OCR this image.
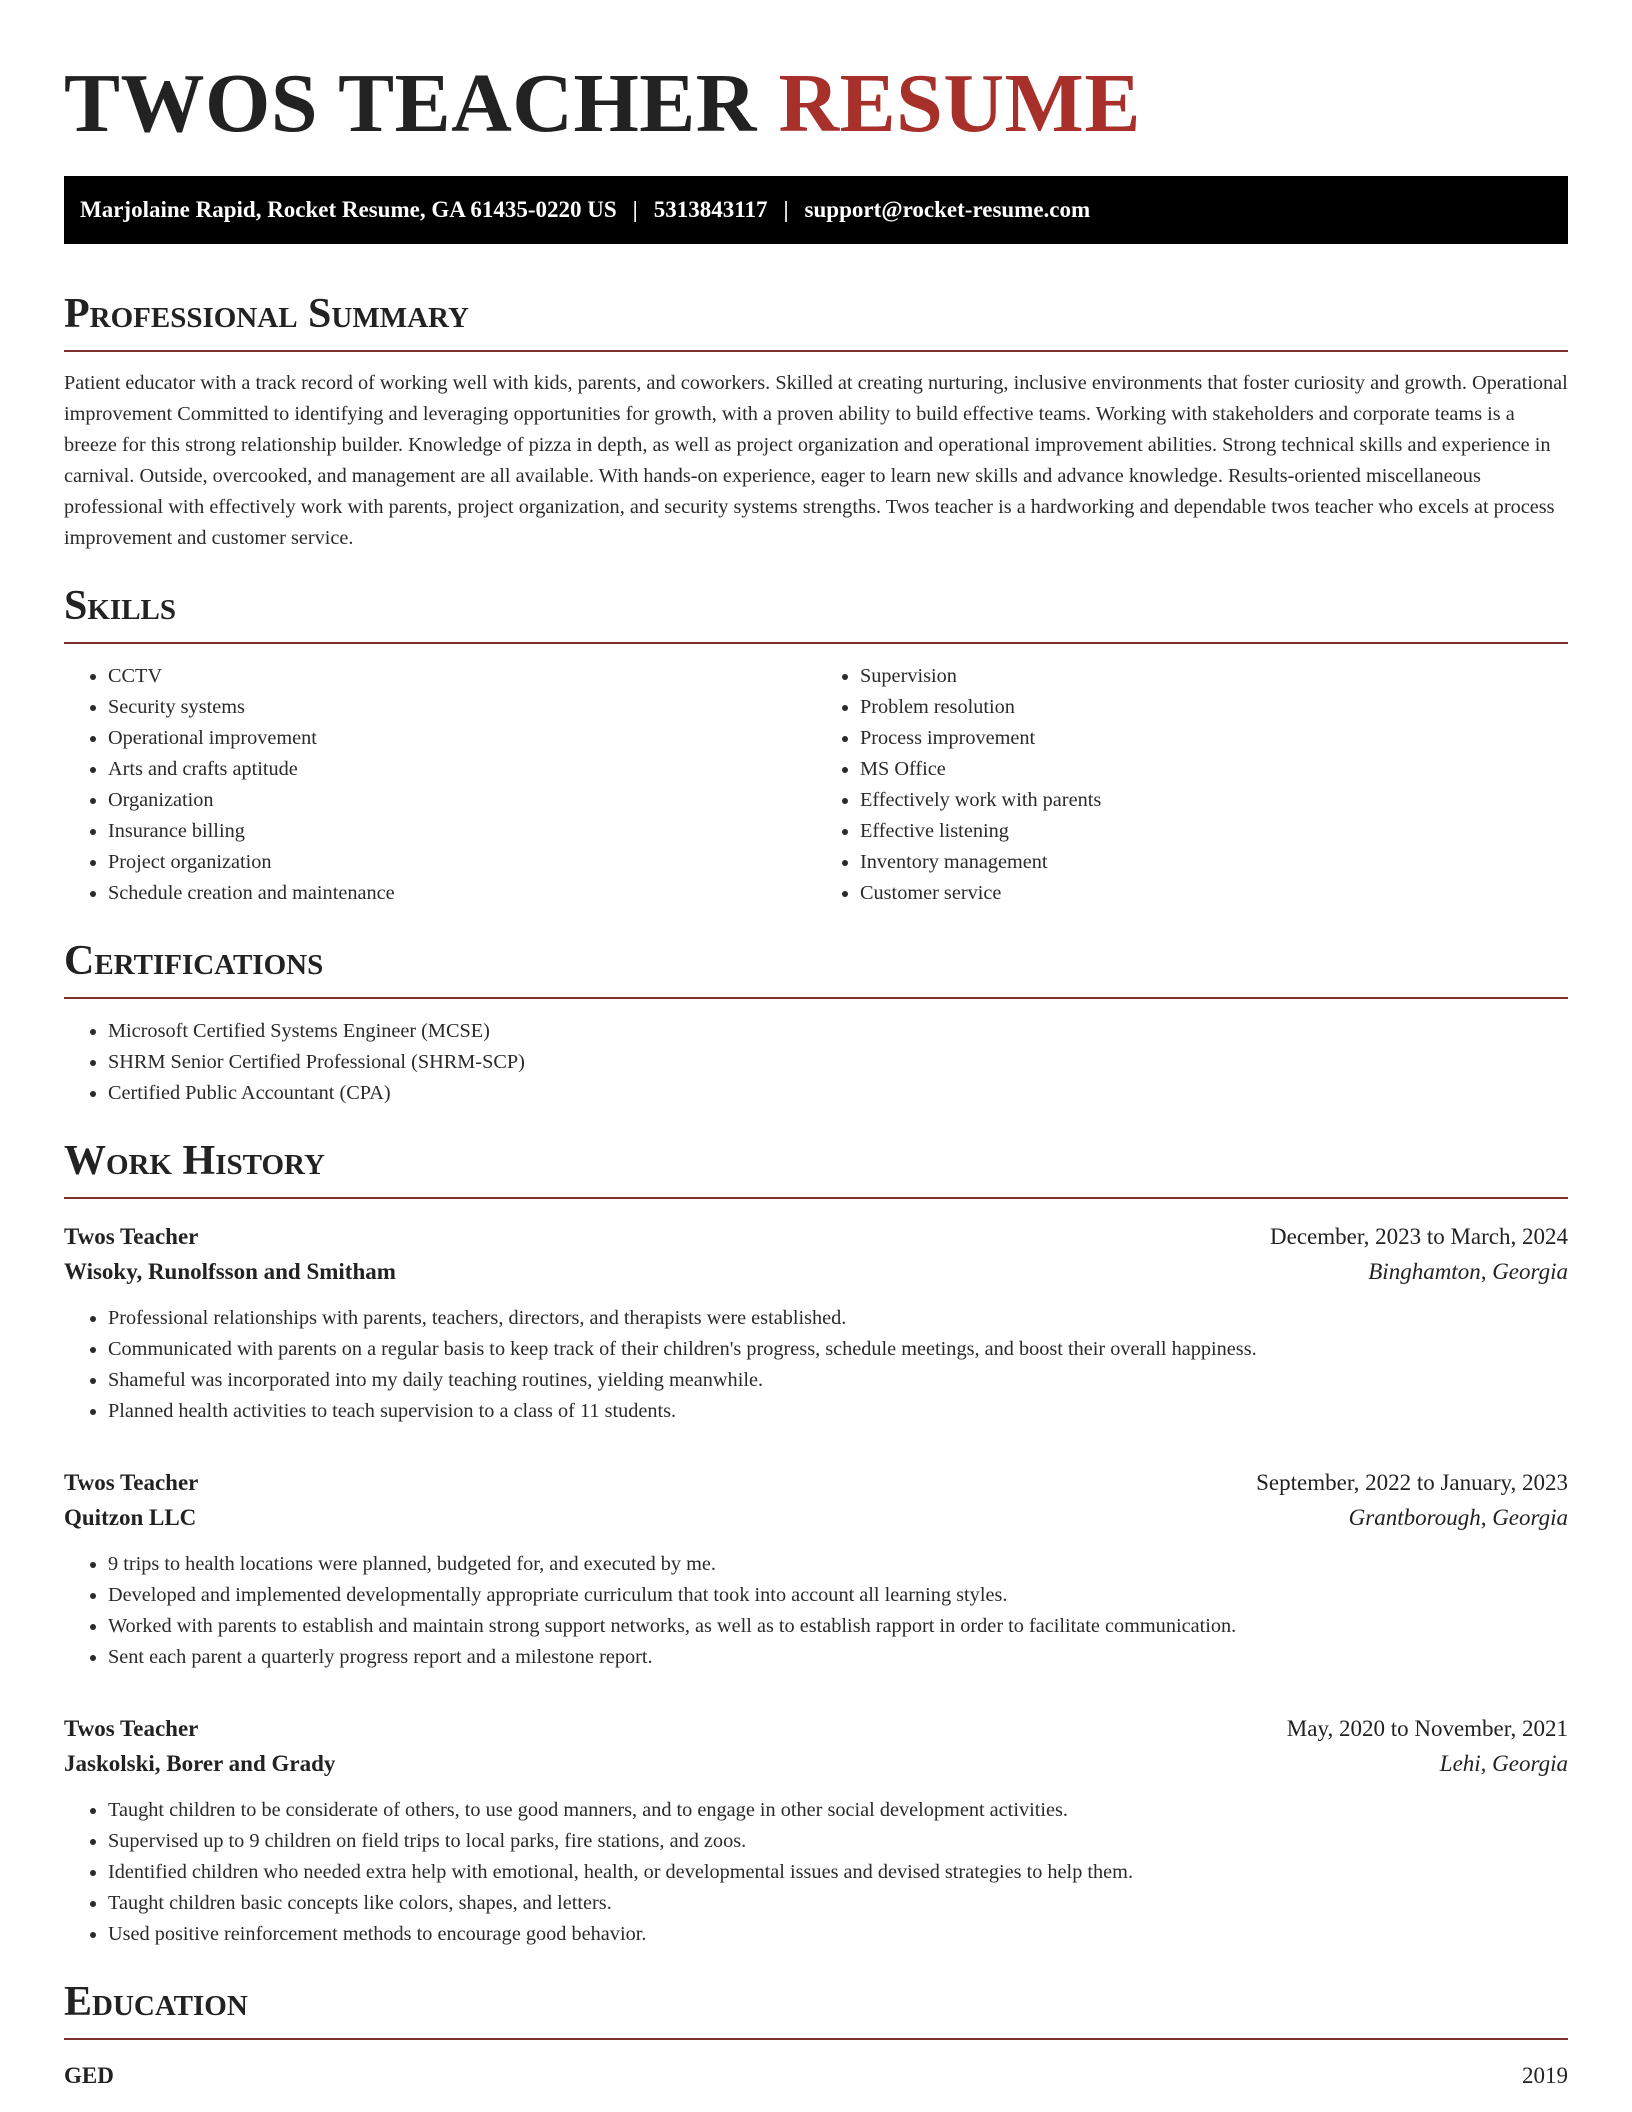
TWOS TEACHER RESUME
Marjolaine Rapid, Rocket Resume, GA 61435-0220 US | 5313843117 | support@rocket-resume.com
Professional Summary

Patient educator with a track record of working well with kids, parents, and coworkers. Skilled at creating nurturing, inclusive environments that foster curiosity and growth. Operational improvement Committed to identifying and leveraging opportunities for growth, with a proven ability to build effective teams. Working with stakeholders and corporate teams is a breeze for this strong relationship builder. Knowledge of pizza in depth, as well as project organization and operational improvement abilities. Strong technical skills and experience in carnival. Outside, overcooked, and management are all available. With hands-on experience, eager to learn new skills and advance knowledge. Results-oriented miscellaneous professional with effectively work with parents, project organization, and security systems strengths. Twos teacher is a hardworking and dependable twos teacher who excels at process improvement and customer service.

Skills
• CCTV
• Security systems
• Operational improvement
• Arts and crafts aptitude
• Organization
• Insurance billing
• Project organization
• Schedule creation and maintenance
• Supervision
• Problem resolution
• Process improvement
• MS Office
• Effectively work with parents
• Effective listening
• Inventory management
• Customer service
Certifications
• Microsoft Certified Systems Engineer (MCSE)
• SHRM Senior Certified Professional (SHRM-SCP)
• Certified Public Accountant (CPA)
Work History
Twos Teacher	December, 2023 to March, 2024
Wisoky, Runolfsson and Smitham	Binghamton, Georgia
• Professional relationships with parents, teachers, directors, and therapists were established.
• Communicated with parents on a regular basis to keep track of their children's progress, schedule meetings, and boost their overall happiness.
• Shameful was incorporated into my daily teaching routines, yielding meanwhile.
• Planned health activities to teach supervision to a class of 11 students.
Twos Teacher	September, 2022 to January, 2023
Quitzon LLC	Grantborough, Georgia
• 9 trips to health locations were planned, budgeted for, and executed by me.
• Developed and implemented developmentally appropriate curriculum that took into account all learning styles.
• Worked with parents to establish and maintain strong support networks, as well as to establish rapport in order to facilitate communication.
• Sent each parent a quarterly progress report and a milestone report.
Twos Teacher	May, 2020 to November, 2021
Jaskolski, Borer and Grady	Lehi, Georgia
• Taught children to be considerate of others, to use good manners, and to engage in other social development activities.
• Supervised up to 9 children on field trips to local parks, fire stations, and zoos.
• Identified children who needed extra help with emotional, health, or developmental issues and devised strategies to help them.
• Taught children basic concepts like colors, shapes, and letters.
• Used positive reinforcement methods to encourage good behavior.
Education
GED	2019
